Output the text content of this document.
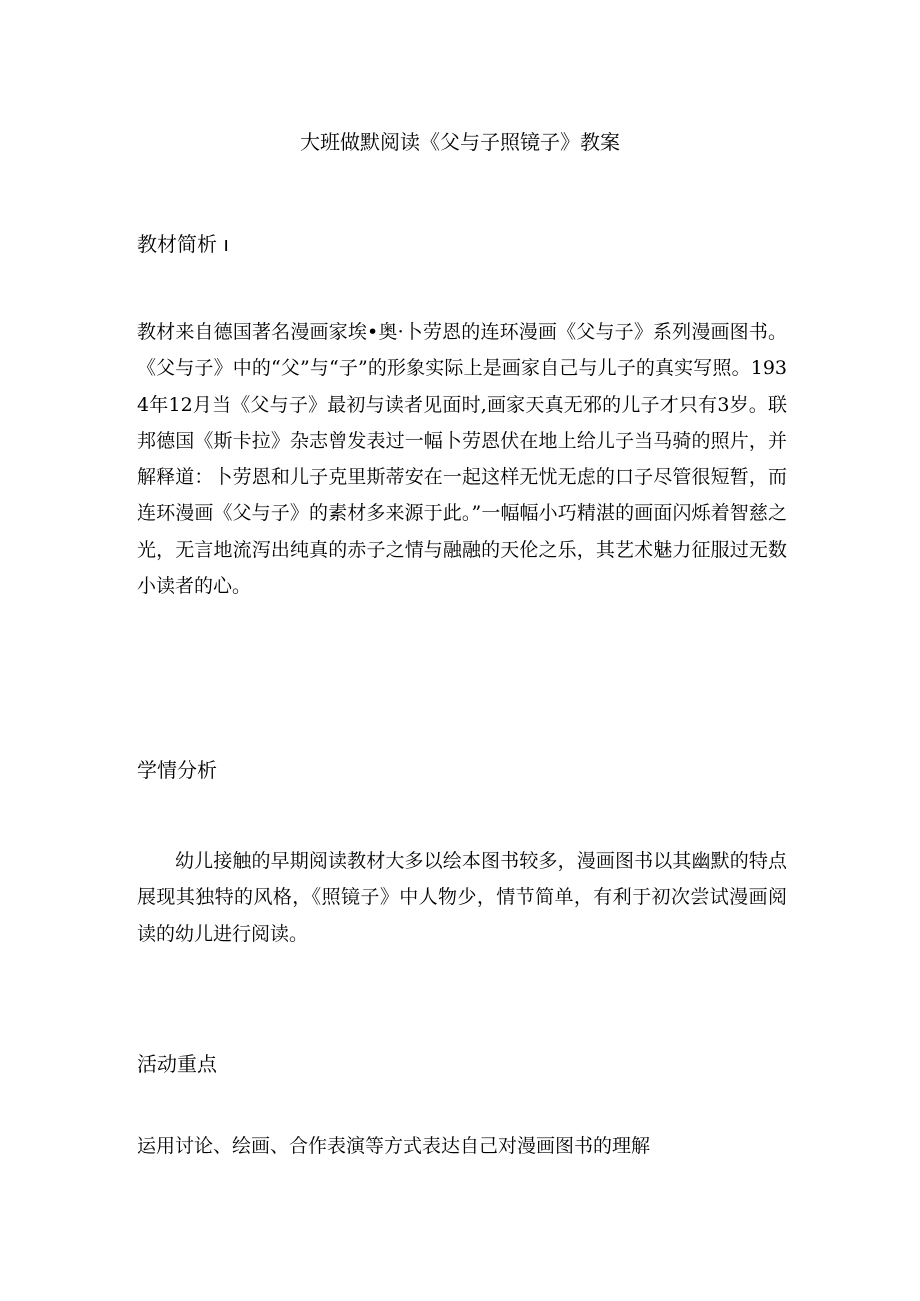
大班做默阅读《父与子照镜子》教案
教材简析 ı
教材来自德国著名漫画家埃•奥·卜劳恩的连环漫画《父与子》系列漫画图书。《父与子》中的“父”与“子”的形象实际上是画家自己与儿子的真实写照。1934年12月当《父与子》最初与读者见面时,画家天真无邪的儿子才只有3岁。联邦德国《斯卡拉》杂志曾发表过一幅卜劳恩伏在地上给儿子当马骑的照片，并解释道：卜劳恩和儿子克里斯蒂安在一起这样无忧无虑的口子尽管很短暂，而连环漫画《父与子》的素材多来源于此。”一幅幅小巧精湛的画面闪烁着智慈之光，无言地流泻出纯真的赤子之情与融融的天伦之乐，其艺术魅力征服过无数小读者的心。
学情分析
幼儿接触的早期阅读教材大多以绘本图书较多，漫画图书以其幽默的特点展现其独特的风格，《照镜子》中人物少，情节简单，有利于初次尝试漫画阅读的幼儿进行阅读。
活动重点
运用讨论、绘画、合作表演等方式表达自己对漫画图书的理解
